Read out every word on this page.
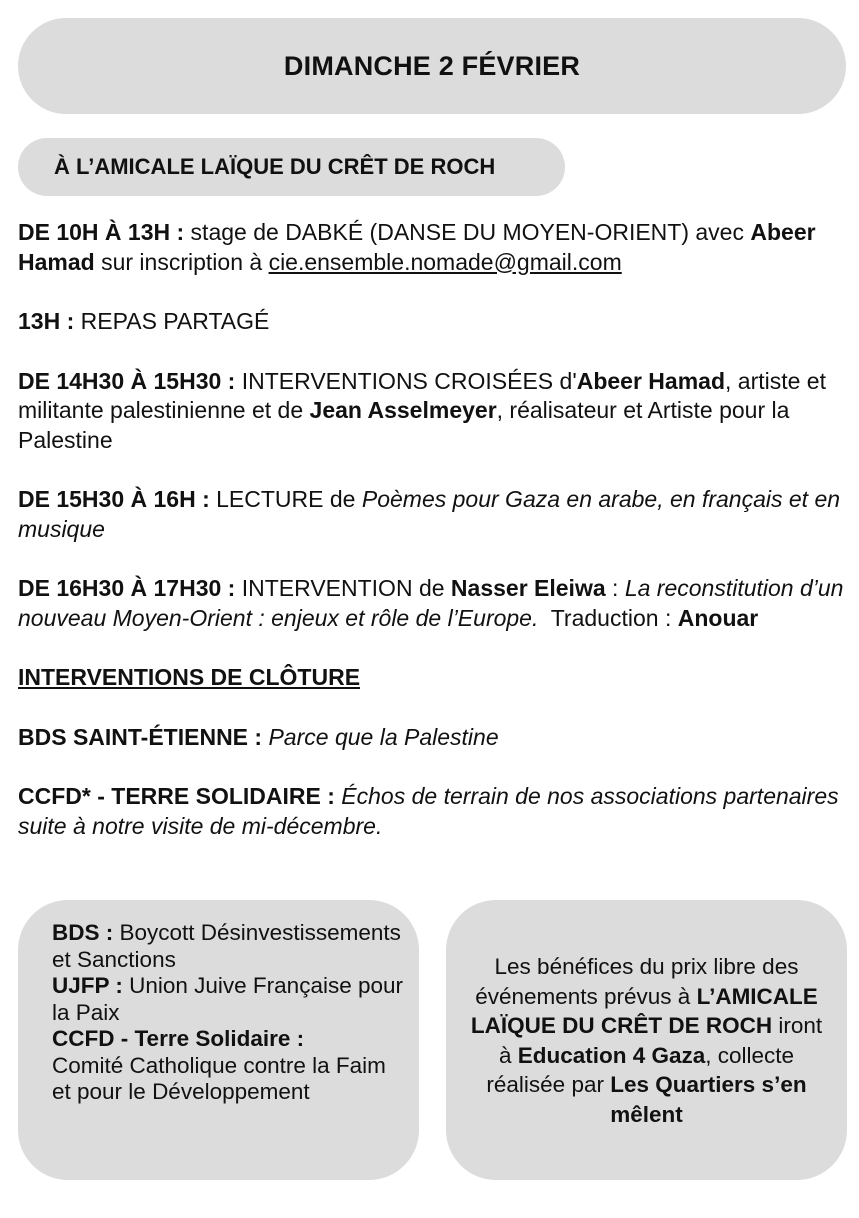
DIMANCHE 2 FÉVRIER
À L’AMICALE LAÏQUE DU CRÊT DE ROCH

DE 10H À 13H : stage de DABKÉ (DANSE DU MOYEN-ORIENT) avec Abeer Hamad sur inscription à cie.ensemble.nomade@gmail.com

13H : REPAS PARTAGÉ

DE 14H30 À 15H30 : INTERVENTIONS CROISÉES d'Abeer Hamad, artiste et militante palestinienne et de Jean Asselmeyer, réalisateur et Artiste pour la Palestine

DE 15H30 À 16H : LECTURE de Poèmes pour Gaza en arabe, en français et en musique

DE 16H30 À 17H30 : INTERVENTION de Nasser Eleiwa : La reconstitution d’un nouveau Moyen-Orient : enjeux et rôle de l’Europe.  Traduction : Anouar

INTERVENTIONS DE CLÔTURE

BDS SAINT-ÉTIENNE : Parce que la Palestine

CCFD* - TERRE SOLIDAIRE : Échos de terrain de nos associations partenaires suite à notre visite de mi-décembre.

BDS : Boycott Désinvestissements et Sanctions
UJFP : Union Juive Française pour la Paix
CCFD - Terre Solidaire :
Comité Catholique contre la Faim et pour le Développement
Les bénéfices du prix libre des événements prévus à L’AMICALE LAÏQUE DU CRÊT DE ROCH iront à Education 4 Gaza, collecte réalisée par Les Quartiers s’en mêlent
